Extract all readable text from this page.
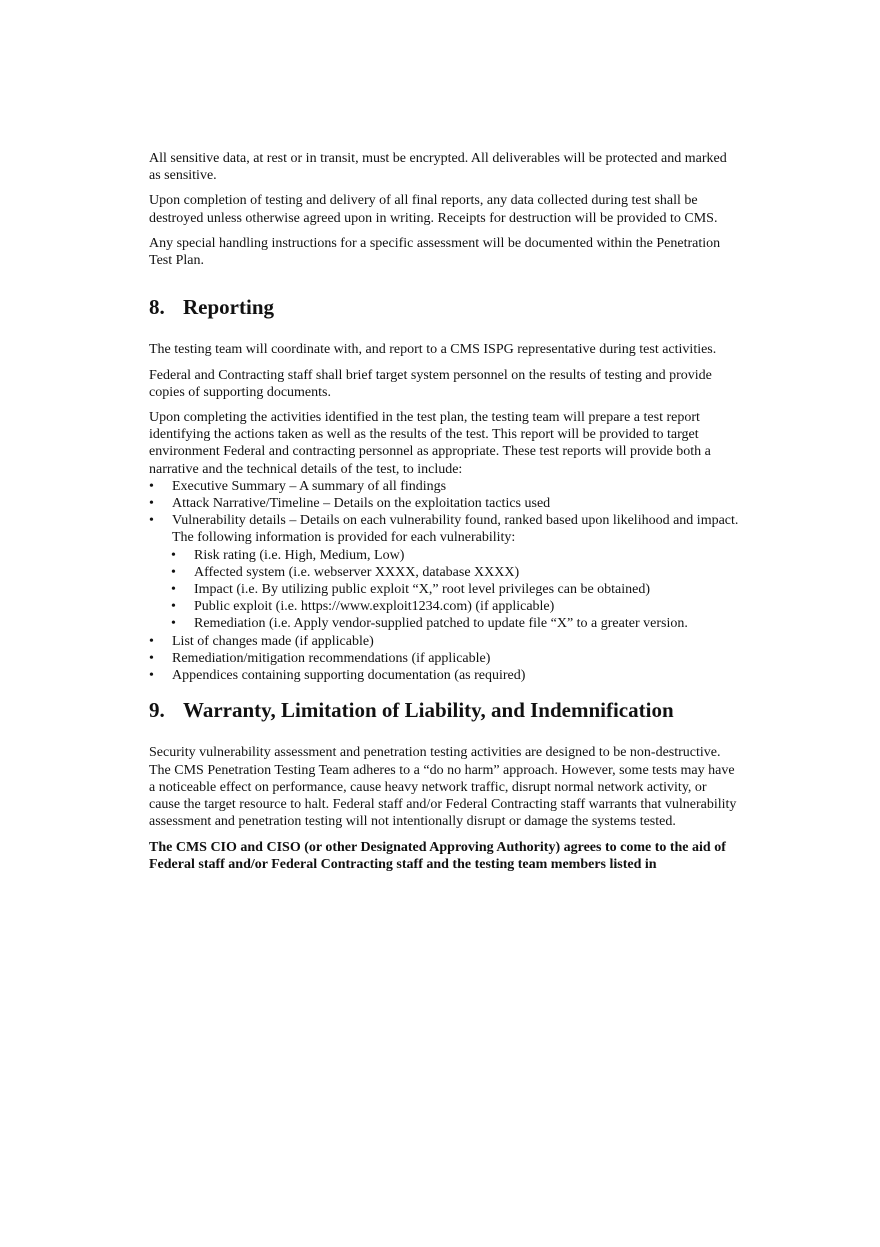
All sensitive data, at rest or in transit, must be encrypted. All deliverables will be protected and marked as sensitive.

Upon completion of testing and delivery of all final reports, any data collected during test shall be destroyed unless otherwise agreed upon in writing. Receipts for destruction will be provided to CMS.

Any special handling instructions for a specific assessment will be documented within the Penetration Test Plan.

8. Reporting

The testing team will coordinate with, and report to a CMS ISPG representative during test activities.

Federal and Contracting staff shall brief target system personnel on the results of testing and provide copies of supporting documents.

Upon completing the activities identified in the test plan, the testing team will prepare a test report identifying the actions taken as well as the results of the test. This report will be provided to target environment Federal and contracting personnel as appropriate. These test reports will provide both a narrative and the technical details of the test, to include:

• Executive Summary – A summary of all findings
• Attack Narrative/Timeline – Details on the exploitation tactics used
• Vulnerability details – Details on each vulnerability found, ranked based upon likelihood and impact. The following information is provided for each vulnerability:
• Risk rating (i.e. High, Medium, Low)
• Affected system (i.e. webserver XXXX, database XXXX)
• Impact (i.e. By utilizing public exploit “X,” root level privileges can be obtained)
• Public exploit (i.e. https://www.exploit1234.com) (if applicable)
• Remediation (i.e. Apply vendor-supplied patched to update file “X” to a greater version.
• List of changes made (if applicable)
• Remediation/mitigation recommendations (if applicable)
• Appendices containing supporting documentation (as required)
9. Warranty, Limitation of Liability, and Indemnification

Security vulnerability assessment and penetration testing activities are designed to be non-destructive. The CMS Penetration Testing Team adheres to a “do no harm” approach. However, some tests may have a noticeable effect on performance, cause heavy network traffic, disrupt normal network activity, or cause the target resource to halt. Federal staff and/or Federal Contracting staff warrants that vulnerability assessment and penetration testing will not intentionally disrupt or damage the systems tested.

The CMS CIO and CISO (or other Designated Approving Authority) agrees to come to the aid of Federal staff and/or Federal Contracting staff and the testing team members listed in
